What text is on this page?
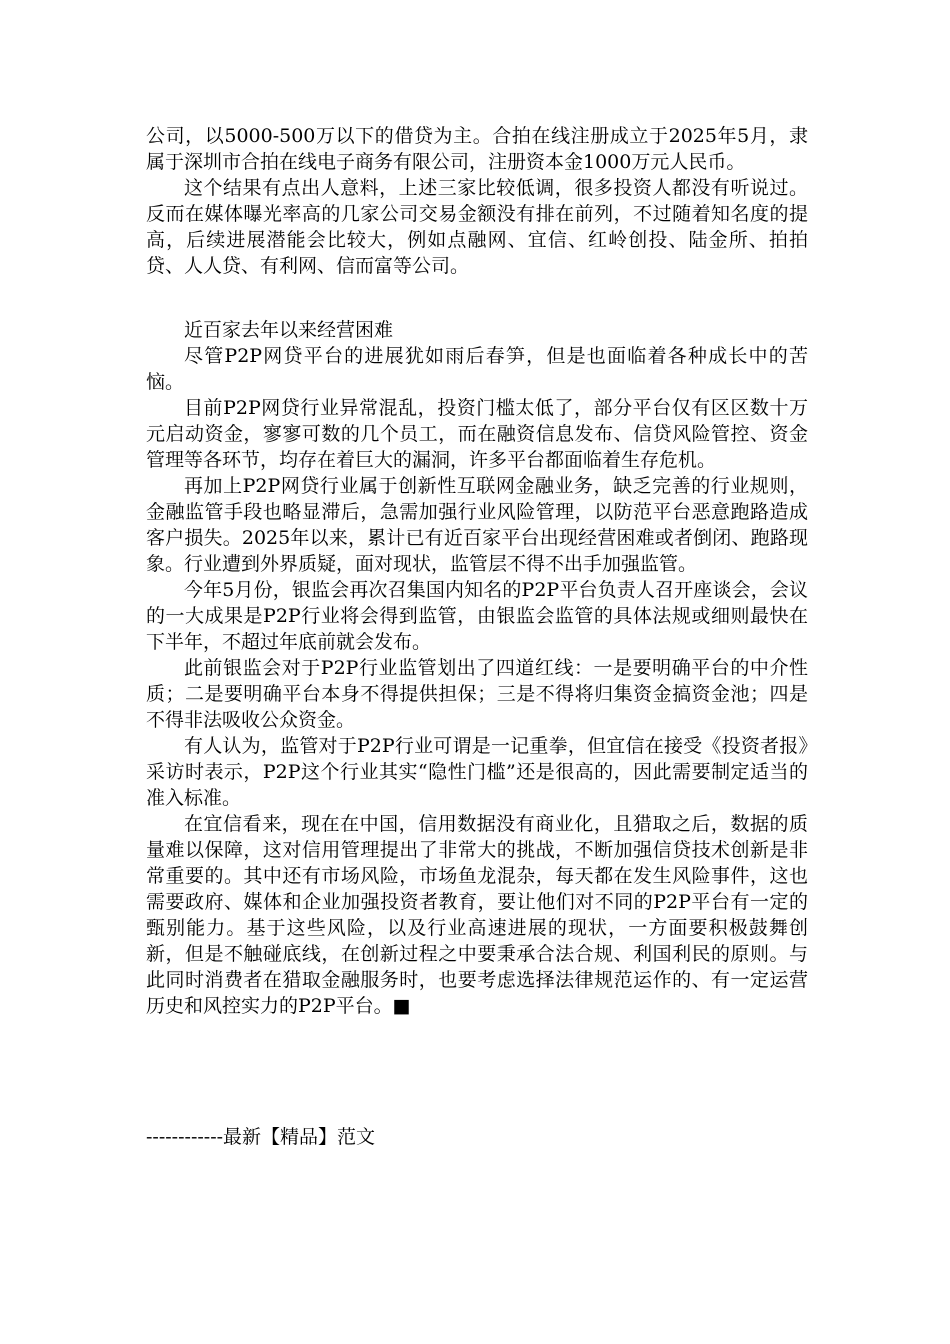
公司，以5000-500万以下的借贷为主。合拍在线注册成立于2025年5月，隶属于深圳市合拍在线电子商务有限公司，注册资本金1000万元人民币。

这个结果有点出人意料，上述三家比较低调，很多投资人都没有听说过。反而在媒体曝光率高的几家公司交易金额没有排在前列，不过随着知名度的提高，后续进展潜能会比较大，例如点融网、宜信、红岭创投、陆金所、拍拍贷、人人贷、有利网、信而富等公司。

近百家去年以来经营困难

尽管P2P网贷平台的进展犹如雨后春笋，但是也面临着各种成长中的苦恼。

目前P2P网贷行业异常混乱，投资门槛太低了，部分平台仅有区区数十万元启动资金，寥寥可数的几个员工，而在融资信息发布、信贷风险管控、资金管理等各环节，均存在着巨大的漏洞，许多平台都面临着生存危机。

再加上P2P网贷行业属于创新性互联网金融业务，缺乏完善的行业规则，金融监管手段也略显滞后，急需加强行业风险管理，以防范平台恶意跑路造成客户损失。2025年以来，累计已有近百家平台出现经营困难或者倒闭、跑路现象。行业遭到外界质疑，面对现状，监管层不得不出手加强监管。

今年5月份，银监会再次召集国内知名的P2P平台负责人召开座谈会，会议的一大成果是P2P行业将会得到监管，由银监会监管的具体法规或细则最快在下半年，不超过年底前就会发布。

此前银监会对于P2P行业监管划出了四道红线：一是要明确平台的中介性质；二是要明确平台本身不得提供担保；三是不得将归集资金搞资金池；四是不得非法吸收公众资金。

有人认为，监管对于P2P行业可谓是一记重拳，但宜信在接受《投资者报》采访时表示，P2P这个行业其实“隐性门槛”还是很高的，因此需要制定适当的准入标准。

在宜信看来，现在在中国，信用数据没有商业化，且猎取之后，数据的质量难以保障，这对信用管理提出了非常大的挑战，不断加强信贷技术创新是非常重要的。其中还有市场风险，市场鱼龙混杂，每天都在发生风险事件，这也需要政府、媒体和企业加强投资者教育，要让他们对不同的P2P平台有一定的甄别能力。基于这些风险，以及行业高速进展的现状，一方面要积极鼓舞创新，但是不触碰底线，在创新过程之中要秉承合法合规、利国利民的原则。与此同时消费者在猎取金融服务时，也要考虑选择法律规范运作的、有一定运营历史和风控实力的P2P平台。■

------------最新【精品】范文
